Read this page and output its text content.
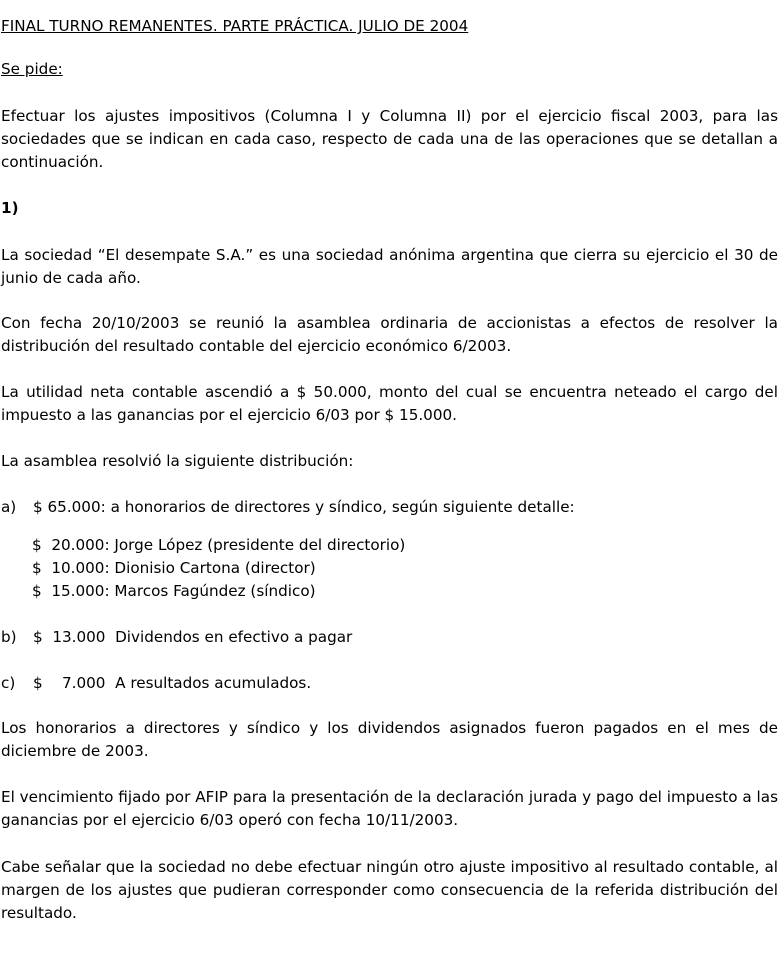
FINAL TURNO REMANENTES. PARTE PRÁCTICA. JULIO DE 2004

Se pide:

Efectuar los ajustes impositivos (Columna I y Columna II) por el ejercicio fiscal 2003, para las sociedades que se indican en cada caso, respecto de cada una de las operaciones que se detallan a continuación.

1)

La sociedad “El desempate S.A.” es una sociedad anónima argentina que cierra su ejercicio el 30 de junio de cada año.

Con fecha 20/10/2003 se reunió la asamblea ordinaria de accionistas a efectos de resolver la distribución del resultado contable del ejercicio económico 6/2003.

La utilidad neta contable ascendió a $ 50.000, monto del cual se encuentra neteado el cargo del impuesto a las ganancias por el ejercicio 6/03 por $ 15.000.

La asamblea resolvió la siguiente distribución:

a)	$ 65.000: a honorarios de directores y síndico, según siguiente detalle:
$  20.000: Jorge López (presidente del directorio)
$  10.000: Dionisio Cartona (director)
$  15.000: Marcos Fagúndez (síndico)
b)	$  13.000  Dividendos en efectivo a pagar
c)	$    7.000  A resultados acumulados.

Los honorarios a directores y síndico y los dividendos asignados fueron pagados en el mes de diciembre de 2003.

El vencimiento fijado por AFIP para la presentación de la declaración jurada y pago del impuesto a las ganancias por el ejercicio 6/03 operó con fecha 10/11/2003.

Cabe señalar que la sociedad no debe efectuar ningún otro ajuste impositivo al resultado contable, al margen de los ajustes que pudieran corresponder como consecuencia de la referida distribución del resultado.
